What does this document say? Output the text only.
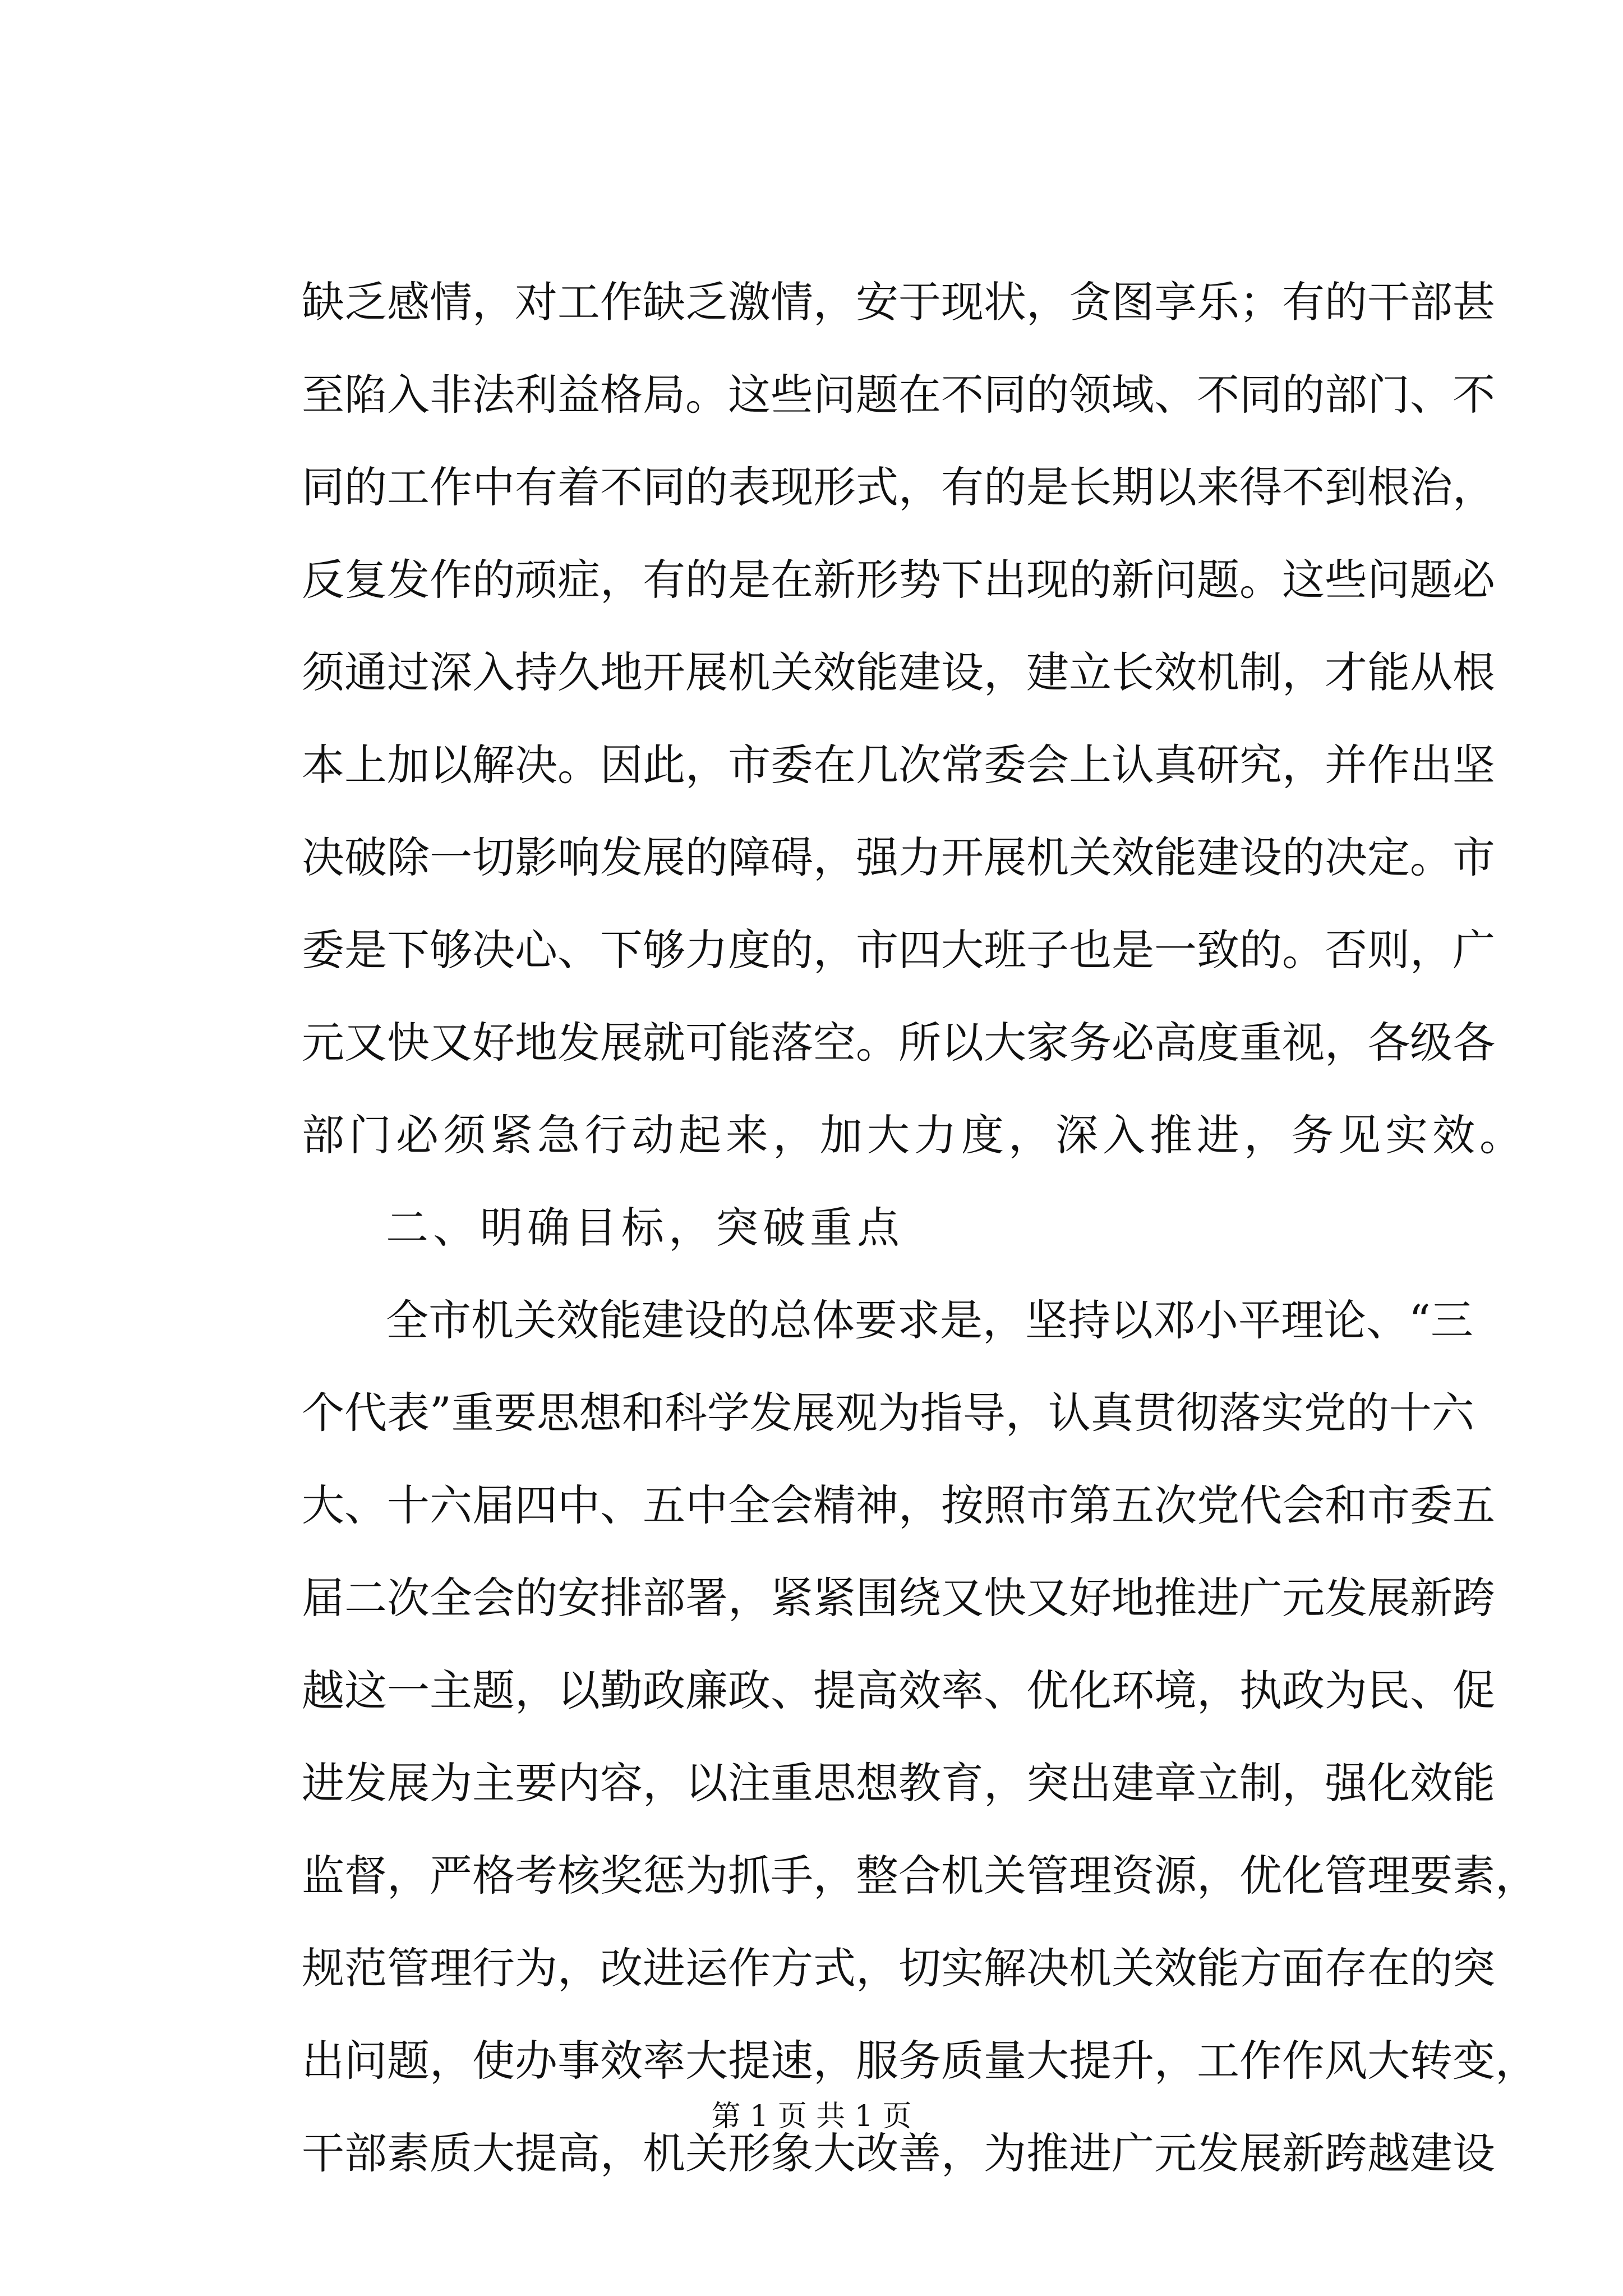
缺乏感情，对工作缺乏激情，安于现状，贪图享乐；有的干部甚
至陷入非法利益格局。这些问题在不同的领域、不同的部门、不
同的工作中有着不同的表现形式，有的是长期以来得不到根治，
反复发作的顽症，有的是在新形势下出现的新问题。这些问题必
须通过深入持久地开展机关效能建设，建立长效机制，才能从根
本上加以解决。因此，市委在几次常委会上认真研究，并作出坚
决破除一切影响发展的障碍，强力开展机关效能建设的决定。市
委是下够决心、下够力度的，市四大班子也是一致的。否则，广
元又快又好地发展就可能落空。所以大家务必高度重视，各级各
部门必须紧急行动起来，加大力度，深入推进，务见实效。
二、明确目标，突破重点
全市机关效能建设的总体要求是，坚持以邓小平理论、“三
个代表”重要思想和科学发展观为指导，认真贯彻落实党的十六
大、十六届四中、五中全会精神，按照市第五次党代会和市委五
届二次全会的安排部署，紧紧围绕又快又好地推进广元发展新跨
越这一主题，以勤政廉政、提高效率、优化环境，执政为民、促
进发展为主要内容，以注重思想教育，突出建章立制，强化效能
监督，严格考核奖惩为抓手，整合机关管理资源，优化管理要素，
规范管理行为，改进运作方式，切实解决机关效能方面存在的突
出问题，使办事效率大提速，服务质量大提升，工作作风大转变，
干部素质大提高，机关形象大改善，为推进广元发展新跨越建设
第 1 页 共 1 页
